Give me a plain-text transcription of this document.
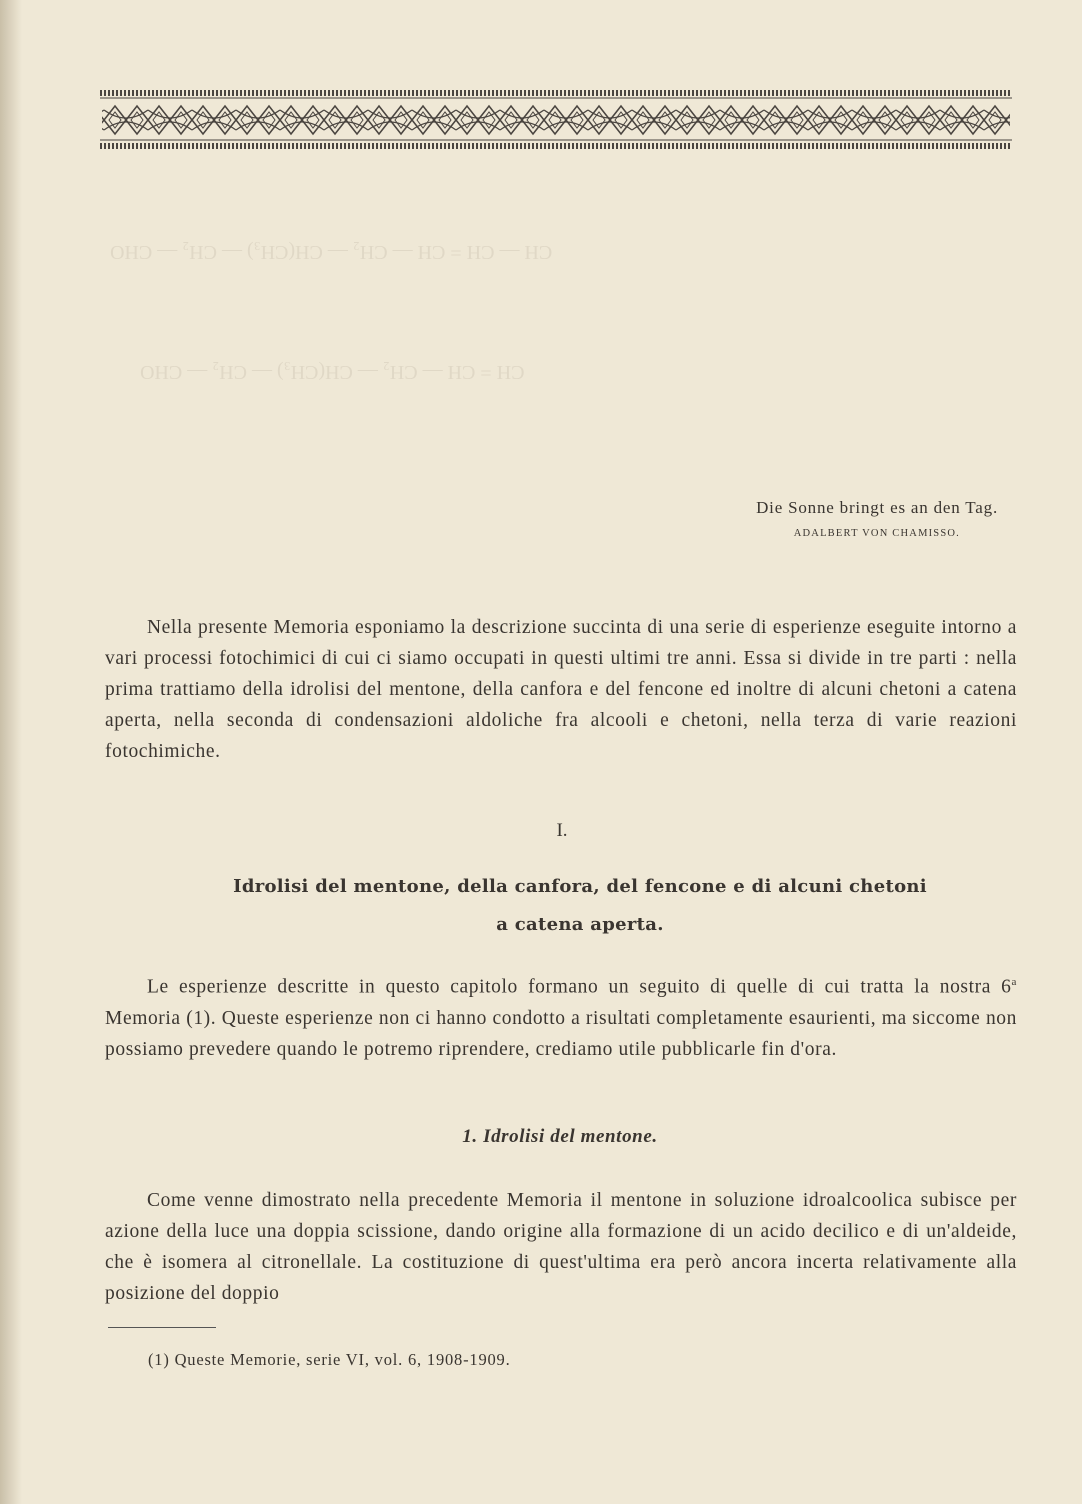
CH — CH = CH — CH₂ — CH(CH₃) — CH₂ — CHO
CH = CH — CH₂ — CH(CH₃) — CH₂ — CHO
Die Sonne bringt es an den Tag.
ADALBERT VON CHAMISSO.

Nella presente Memoria esponiamo la descrizione succinta di una serie di esperienze eseguite intorno a vari processi fotochimici di cui ci siamo occupati in questi ultimi tre anni. Essa si divide in tre parti : nella prima trattiamo della idrolisi del mentone, della canfora e del fencone ed inoltre di alcuni chetoni a catena aperta, nella seconda di condensazioni aldoliche fra alcooli e chetoni, nella terza di varie reazioni fotochimiche.

I.
Idrolisi del mentone, della canfora, del fencone e di alcuni chetoni
a catena aperta.

Le esperienze descritte in questo capitolo formano un seguito di quelle di cui tratta la nostra 6$^a$ Memoria (1). Queste esperienze non ci hanno condotto a risultati completamente esaurienti, ma siccome non possiamo prevedere quando le potremo riprendere, crediamo utile pubblicarle fin d'ora.

1. Idrolisi del mentone.

Come venne dimostrato nella precedente Memoria il mentone in soluzione idroalcoolica subisce per azione della luce una doppia scissione, dando origine alla formazione di un acido decilico e di un'aldeide, che è isomera al citronellale. La costituzione di quest'ultima era però ancora incerta relativamente alla posizione del doppio

(1) Queste Memorie, serie VI, vol. 6, 1908-1909.
